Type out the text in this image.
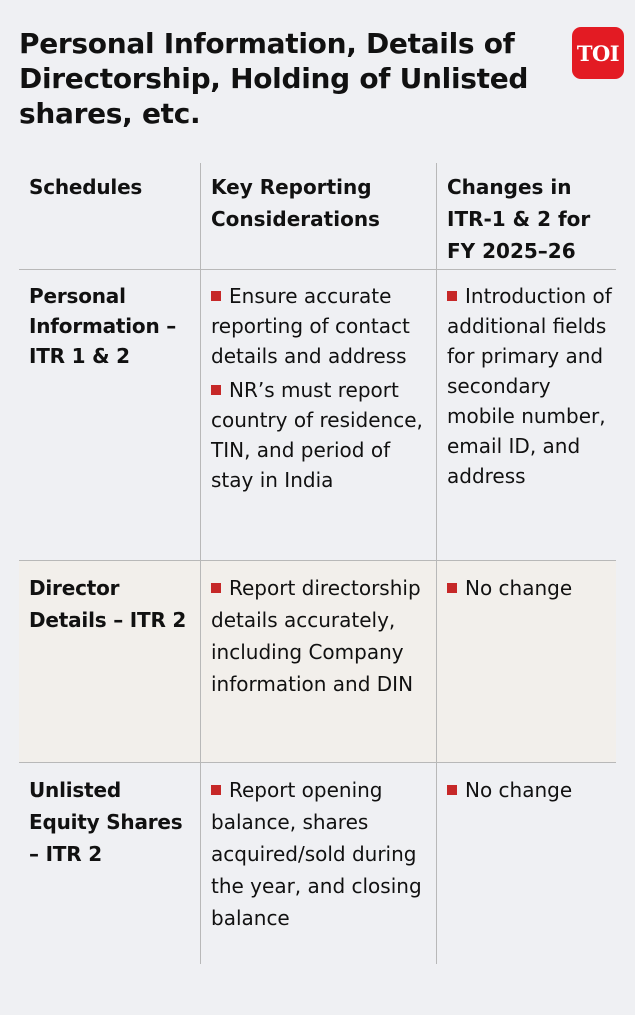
Personal Information, Details of Directorship, Holding of Unlisted shares, etc.
TOI
Schedules	Key Reporting Considerations
Changes in ITR-1 & 2 for FY 2025–26
Personal Information – ITR 1 & 2
Ensure accurate reporting of contact details and address
NR’s must report country of residence, TIN, and period of stay in India
Introduction of additional fields for primary and secondary mobile number, email ID, and address
Director Details – ITR 2
Report directorship details accurately, including Company information and DIN
No change
Unlisted Equity Shares – ITR 2
Report opening balance, shares acquired/sold during the year, and closing balance
No change
